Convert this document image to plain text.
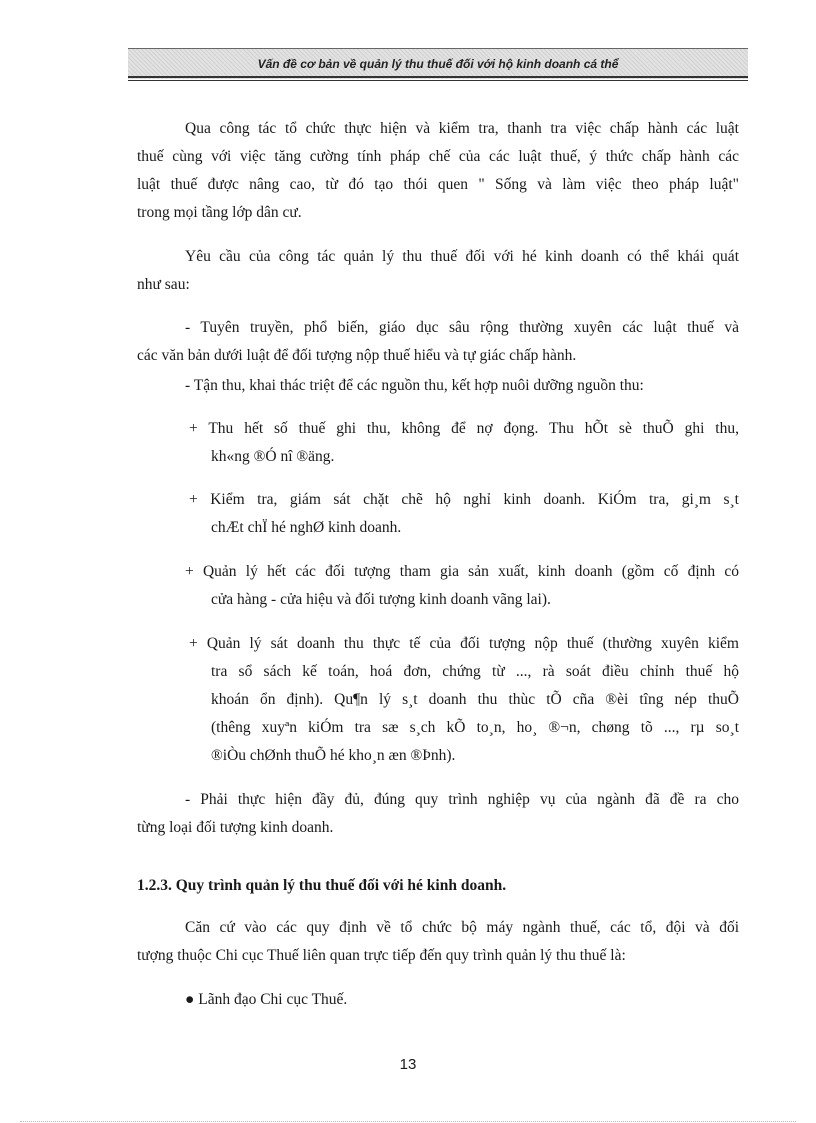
Vấn đề cơ bản về quản lý thu thuế đối với hộ kinh doanh cá thể
Qua công tác tổ chức thực hiện và kiểm tra, thanh tra việc chấp hành các luật
thuế cùng với việc tăng cường tính pháp chế của các luật thuế, ý thức chấp hành các
luật thuế được nâng cao, từ đó tạo thói quen " Sống và làm việc theo pháp luật"
trong mọi tầng lớp dân cư.
Yêu cầu của công tác quản lý thu thuế đối với hé kinh doanh có thể khái quát
như sau:
- Tuyên truyền, phổ biến, giáo dục sâu rộng thường xuyên các luật thuế và
các văn bản dưới luật để đối tượng nộp thuế hiểu và tự giác chấp hành.
- Tận thu, khai thác triệt để các nguồn thu, kết hợp nuôi dưỡng nguồn thu:
+ Thu hết số thuế ghi thu, không để nợ đọng. Thu hÕt sè thuÕ ghi thu,
kh«ng ®Ó nî ®äng.
+ Kiểm tra, giám sát chặt chẽ hộ nghỉ kinh doanh. KiÓm tra, gi¸m s¸t
chÆt chÏ hé nghØ kinh doanh.
+ Quản lý hết các đối tượng tham gia sản xuất, kinh doanh (gồm cố định có
cửa hàng - cửa hiệu và đối tượng kinh doanh vãng lai).
+ Quản lý sát doanh thu thực tế của đối tượng nộp thuế (thường xuyên kiểm
tra sổ sách kế toán, hoá đơn, chứng từ ..., rà soát điều chỉnh thuế hộ
khoán ổn định). Qu¶n lý s¸t doanh thu thùc tÕ cña ®èi tîng nép thuÕ
(thêng xuyªn kiÓm tra sæ s¸ch kÕ to¸n, ho¸ ®¬n, chøng tõ ..., rµ so¸t
®iÒu chØnh thuÕ hé kho¸n æn ®Þnh).
- Phải thực hiện đầy đủ, đúng quy trình nghiệp vụ của ngành đã đề ra cho
từng loại đối tượng kinh doanh.
1.2.3. Quy trình quản lý thu thuế đối với hé kinh doanh.
Căn cứ vào các quy định về tổ chức bộ máy ngành thuế, các tổ, đội và đối
tượng thuộc Chi cục Thuế liên quan trực tiếp đến quy trình quản lý thu thuế là:
● Lãnh đạo Chi cục Thuế.
13
